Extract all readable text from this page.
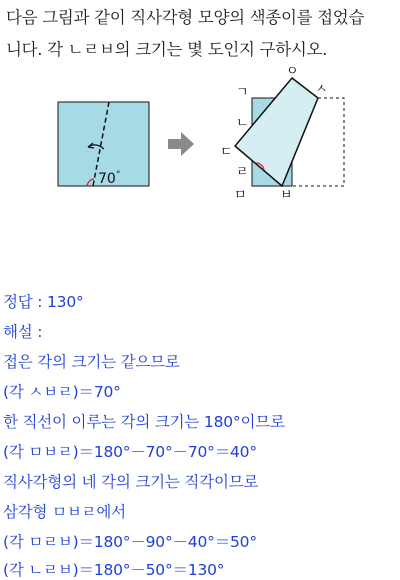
다음 그림과 같이 직사각형 모양의 색종이를 접었습
니다. 각 ㄴㄹㅂ의 크기는 몇 도인지 구하시오.
70°
ㄱ
ㄴ
ㄷ
ㄹ
ㅁ	ㅂ
ㅅ
ㅇ
정답 : 130°
해설 :
접은 각의 크기는 같으므로
(각 ㅅㅂㄹ)＝70°
한 직선이 이루는 각의 크기는 180°이므로
(각 ㅁㅂㄹ)＝180°－70°－70°＝40°
직사각형의 네 각의 크기는 직각이므로
삼각형 ㅁㅂㄹ에서
(각 ㅁㄹㅂ)＝180°－90°－40°＝50°
(각 ㄴㄹㅂ)＝180°－50°＝130°
